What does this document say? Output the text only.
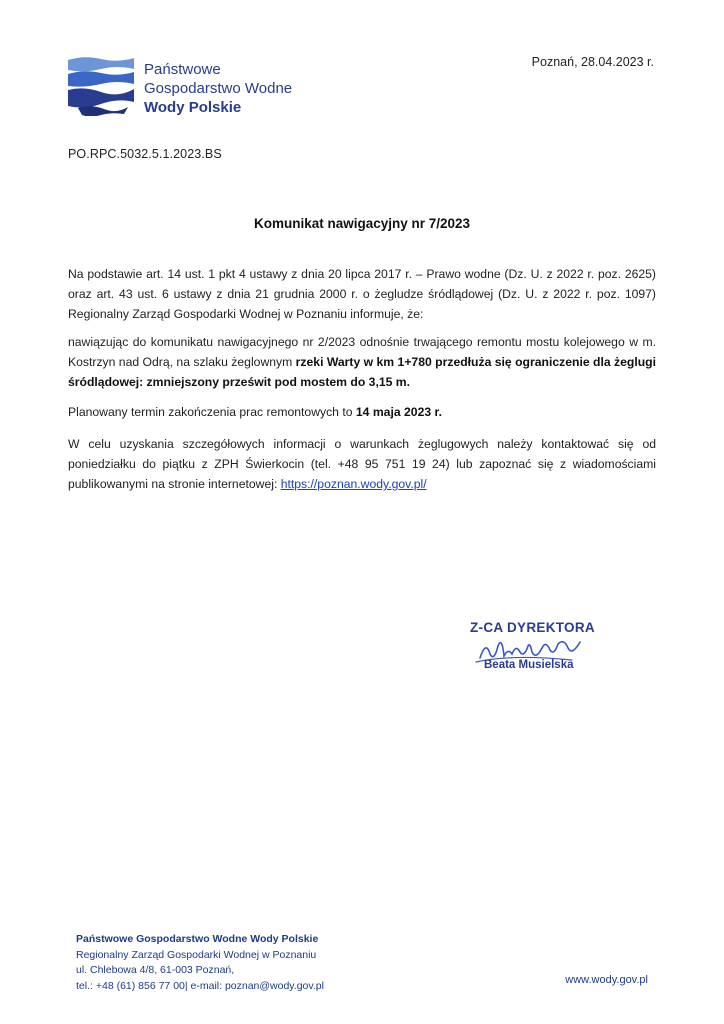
Państwowe
Gospodarstwo Wodne
Wody Polskie
Poznań, 28.04.2023 r.
PO.RPC.5032.5.1.2023.BS
Komunikat nawigacyjny nr 7/2023
Na podstawie art. 14 ust. 1 pkt 4 ustawy z dnia 20 lipca 2017 r. – Prawo wodne (Dz. U. z 2022 r. poz. 2625) oraz art. 43 ust. 6 ustawy z dnia 21 grudnia 2000 r. o żegludze śródlądowej (Dz. U. z 2022 r. poz. 1097) Regionalny Zarząd Gospodarki Wodnej w Poznaniu informuje, że:
nawiązując do komunikatu nawigacyjnego nr 2/2023 odnośnie trwającego remontu mostu kolejowego w m. Kostrzyn nad Odrą, na szlaku żeglownym rzeki Warty w km 1+780 przedłuża się ograniczenie dla żeglugi śródlądowej: zmniejszony prześwit pod mostem do 3,15 m.
Planowany termin zakończenia prac remontowych to 14 maja 2023 r.
W celu uzyskania szczegółowych informacji o warunkach żeglugowych należy kontaktować się od poniedziałku do piątku z ZPH Świerkocin (tel. +48 95 751 19 24) lub zapoznać się z wiadomościami publikowanymi na stronie internetowej: https://poznan.wody.gov.pl/
Z-CA DYREKTORA
Beata Musielska
Państwowe Gospodarstwo Wodne Wody Polskie
Regionalny Zarząd Gospodarki Wodnej w Poznaniu
ul. Chlebowa 4/8, 61-003 Poznań,
tel.: +48 (61) 856 77 00| e-mail: poznan@wody.gov.pl	www.wody.gov.pl
